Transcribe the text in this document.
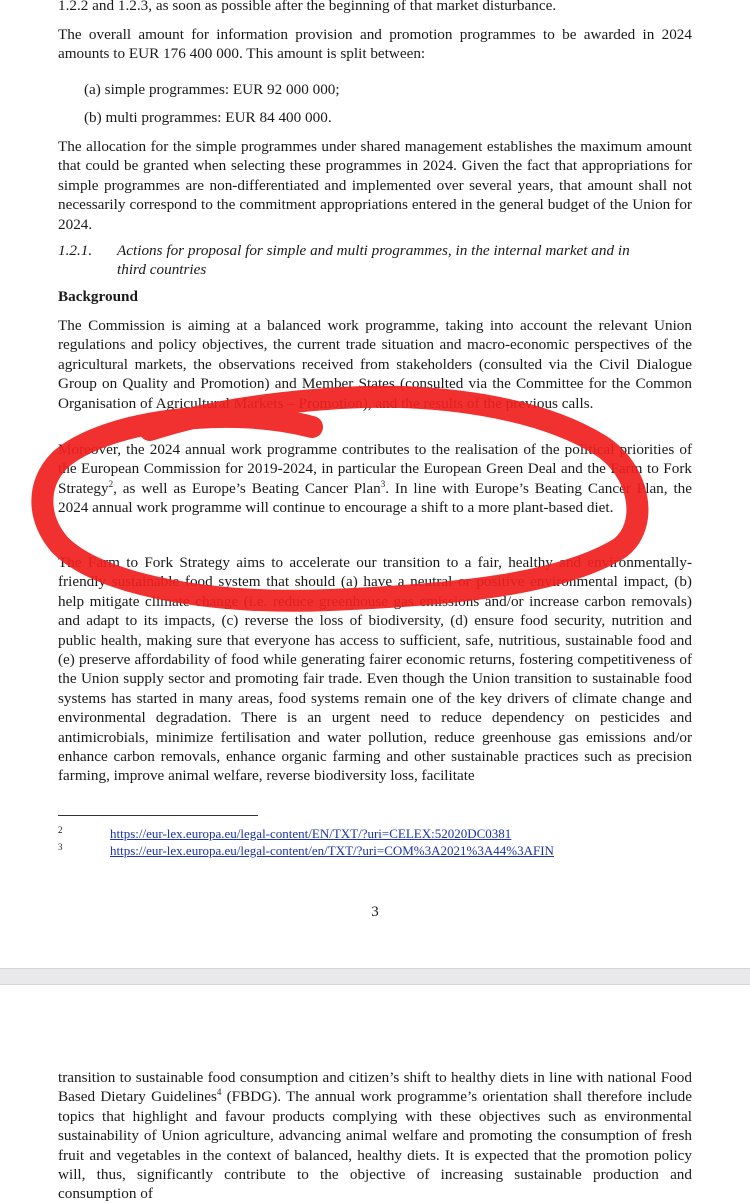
1.2.2 and 1.2.3, as soon as possible after the beginning of that market disturbance.

The overall amount for information provision and promotion programmes to be awarded in 2024 amounts to EUR 176 400 000. This amount is split between:

(a) simple programmes: EUR 92 000 000;
(b) multi programmes: EUR 84 400 000.

The allocation for the simple programmes under shared management establishes the maximum amount that could be granted when selecting these programmes in 2024. Given the fact that appropriations for simple programmes are non-differentiated and implemented over several years, that amount shall not necessarily correspond to the commitment appropriations entered in the general budget of the Union for 2024.

1.2.1. Actions for proposal for simple and multi programmes, in the internal market and in
third countries
Background

The Commission is aiming at a balanced work programme, taking into account the relevant Union regulations and policy objectives, the current trade situation and macro-economic perspectives of the agricultural markets, the observations received from stakeholders (consulted via the Civil Dialogue Group on Quality and Promotion) and Member States (consulted via the Committee for the Common Organisation of Agricultural Markets – Promotion), and the results of the previous calls.

Moreover, the 2024 annual work programme contributes to the realisation of the political priorities of the European Commission for 2019-2024, in particular the European Green Deal and the Farm to Fork Strategy$^2$, as well as Europe’s Beating Cancer Plan$^3$. In line with Europe’s Beating Cancer Plan, the 2024 annual work programme will continue to encourage a shift to a more plant-based diet.

The Farm to Fork Strategy aims to accelerate our transition to a fair, healthy and environmentally-friendly sustainable food system that should (a) have a neutral or positive environmental impact, (b) help mitigate climate change (i.e. reduce greenhouse gas emissions and/or increase carbon removals) and adapt to its impacts, (c) reverse the loss of biodiversity, (d) ensure food security, nutrition and public health, making sure that everyone has access to sufficient, safe, nutritious, sustainable food and (e) preserve affordability of food while generating fairer economic returns, fostering competitiveness of the Union supply sector and promoting fair trade. Even though the Union transition to sustainable food systems has started in many areas, food systems remain one of the key drivers of climate change and environmental degradation. There is an urgent need to reduce dependency on pesticides and antimicrobials, minimize fertilisation and water pollution, reduce greenhouse gas emissions and/or enhance carbon removals, enhance organic farming and other sustainable practices such as precision farming, improve animal welfare, reverse biodiversity loss, facilitate

2	https://eur-lex.europa.eu/legal-content/EN/TXT/?uri=CELEX:52020DC0381
3	https://eur-lex.europa.eu/legal-content/en/TXT/?uri=COM%3A2021%3A44%3AFIN
3

transition to sustainable food consumption and citizen’s shift to healthy diets in line with national Food Based Dietary Guidelines$^4$ (FBDG). The annual work programme’s orientation shall therefore include topics that highlight and favour products complying with these objectives such as environmental sustainability of Union agriculture, advancing animal welfare and promoting the consumption of fresh fruit and vegetables in the context of balanced, healthy diets. It is expected that the promotion policy will, thus, significantly contribute to the objective of increasing sustainable production and consumption of
